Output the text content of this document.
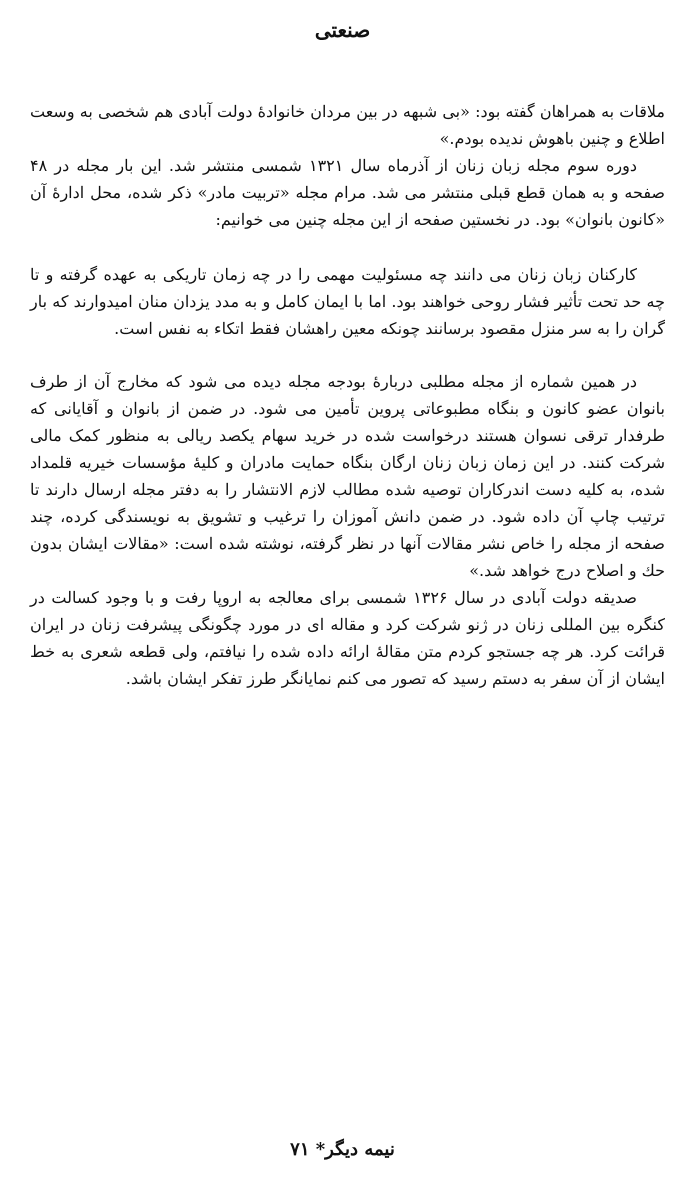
صنعتی

ملاقات به همراهان گفته بود: «بی شبهه در بین مردان خانوادهٔ دولت آبادی هم شخصی به وسعت اطلاع و چنین باهوش ندیده بودم.»

دوره سوم مجله زبان زنان از آذرماه سال ۱۳۲۱ شمسی منتشر شد. این بار مجله در ۴۸ صفحه و به همان قطع قبلی منتشر می شد. مرام مجله «تربیت مادر» ذکر شده، محل ادارهٔ آن «کانون بانوان» بود. در نخستین صفحه از این مجله چنین می خوانیم:

کارکنان زبان زنان می دانند چه مسئولیت مهمی را در چه زمان تاریکی به عهده گرفته و تا چه حد تحت تأثیر فشار روحی خواهند بود. اما با ایمان کامل و به مدد یزدان منان امیدوارند که بار گران را به سر منزل مقصود برسانند چونکه معین راهشان فقط اتکاء به نفس است.

در همین شماره از مجله مطلبی دربارهٔ بودجه مجله دیده می شود که مخارج آن از طرف بانوان عضو کانون و بنگاه مطبوعاتی پروین تأمین می شود. در ضمن از بانوان و آقایانی که طرفدار ترقی نسوان هستند درخواست شده در خرید سهام یکصد ریالی به منظور کمک مالی شرکت کنند. در این زمان زبان زنان ارگان بنگاه حمایت مادران و کلیهٔ مؤسسات خیریه قلمداد شده، به کلیه دست اندرکاران توصیه شده مطالب لازم الانتشار را به دفتر مجله ارسال دارند تا ترتیب چاپ آن داده شود. در ضمن دانش آموزان را ترغیب و تشویق به نویسندگی کرده، چند صفحه از مجله را خاص نشر مقالات آنها در نظر گرفته، نوشته شده است: «مقالات ایشان بدون حك و اصلاح درج خواهد شد.»

صدیقه دولت آبادی در سال ۱۳۲۶ شمسی برای معالجه به اروپا رفت و با وجود کسالت در کنگره بین المللی زنان در ژنو شرکت کرد و مقاله ای در مورد چگونگی پیشرفت زنان در ایران قرائت کرد. هر چه جستجو کردم متن مقالهٔ ارائه داده شده را نیافتم، ولی قطعه شعری به خط ایشان از آن سفر به دستم رسید که تصور می کنم نمایانگر طرز تفکر ایشان باشد.

نیمه دیگر* ۷۱
